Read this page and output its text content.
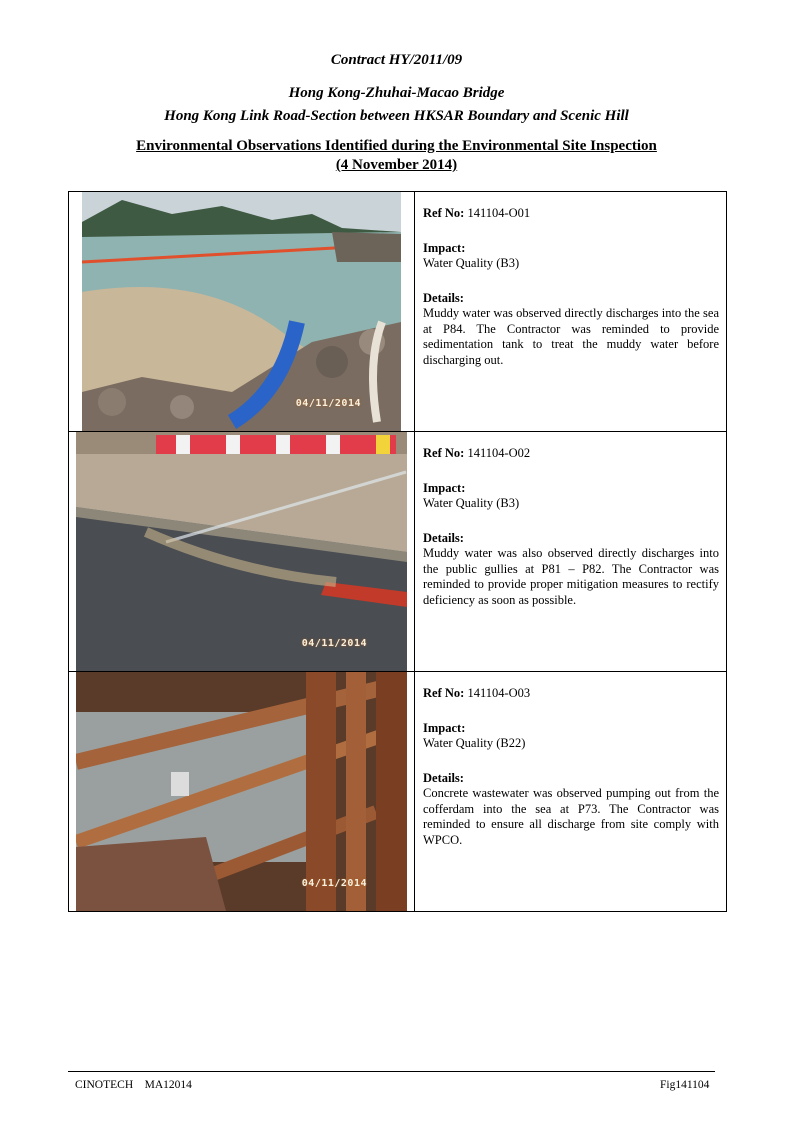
Contract HY/2011/09
Hong Kong-Zhuhai-Macao Bridge
Hong Kong Link Road-Section between HKSAR Boundary and Scenic Hill
Environmental Observations Identified during the Environmental Site Inspection
(4 November 2014)
04/11/2014	Ref No: 141104-O01
Impact:
Water Quality (B3)
Details:
Muddy water was observed directly discharges into the sea at P84. The Contractor was reminded to provide sedimentation tank to treat the muddy water before discharging out.

04/11/2014	Ref No: 141104-O02
Impact:
Water Quality (B3)
Details:
Muddy water was also observed directly discharges into the public gullies at P81 – P82. The Contractor was reminded to provide proper mitigation measures to rectify deficiency as soon as possible.

04/11/2014	Ref No: 141104-O03
Impact:
Water Quality (B22)
Details:
Concrete wastewater was observed pumping out from the cofferdam into the sea at P73. The Contractor was reminded to ensure all discharge from site comply with WPCO.
CINOTECH    MA12014	Fig141104
